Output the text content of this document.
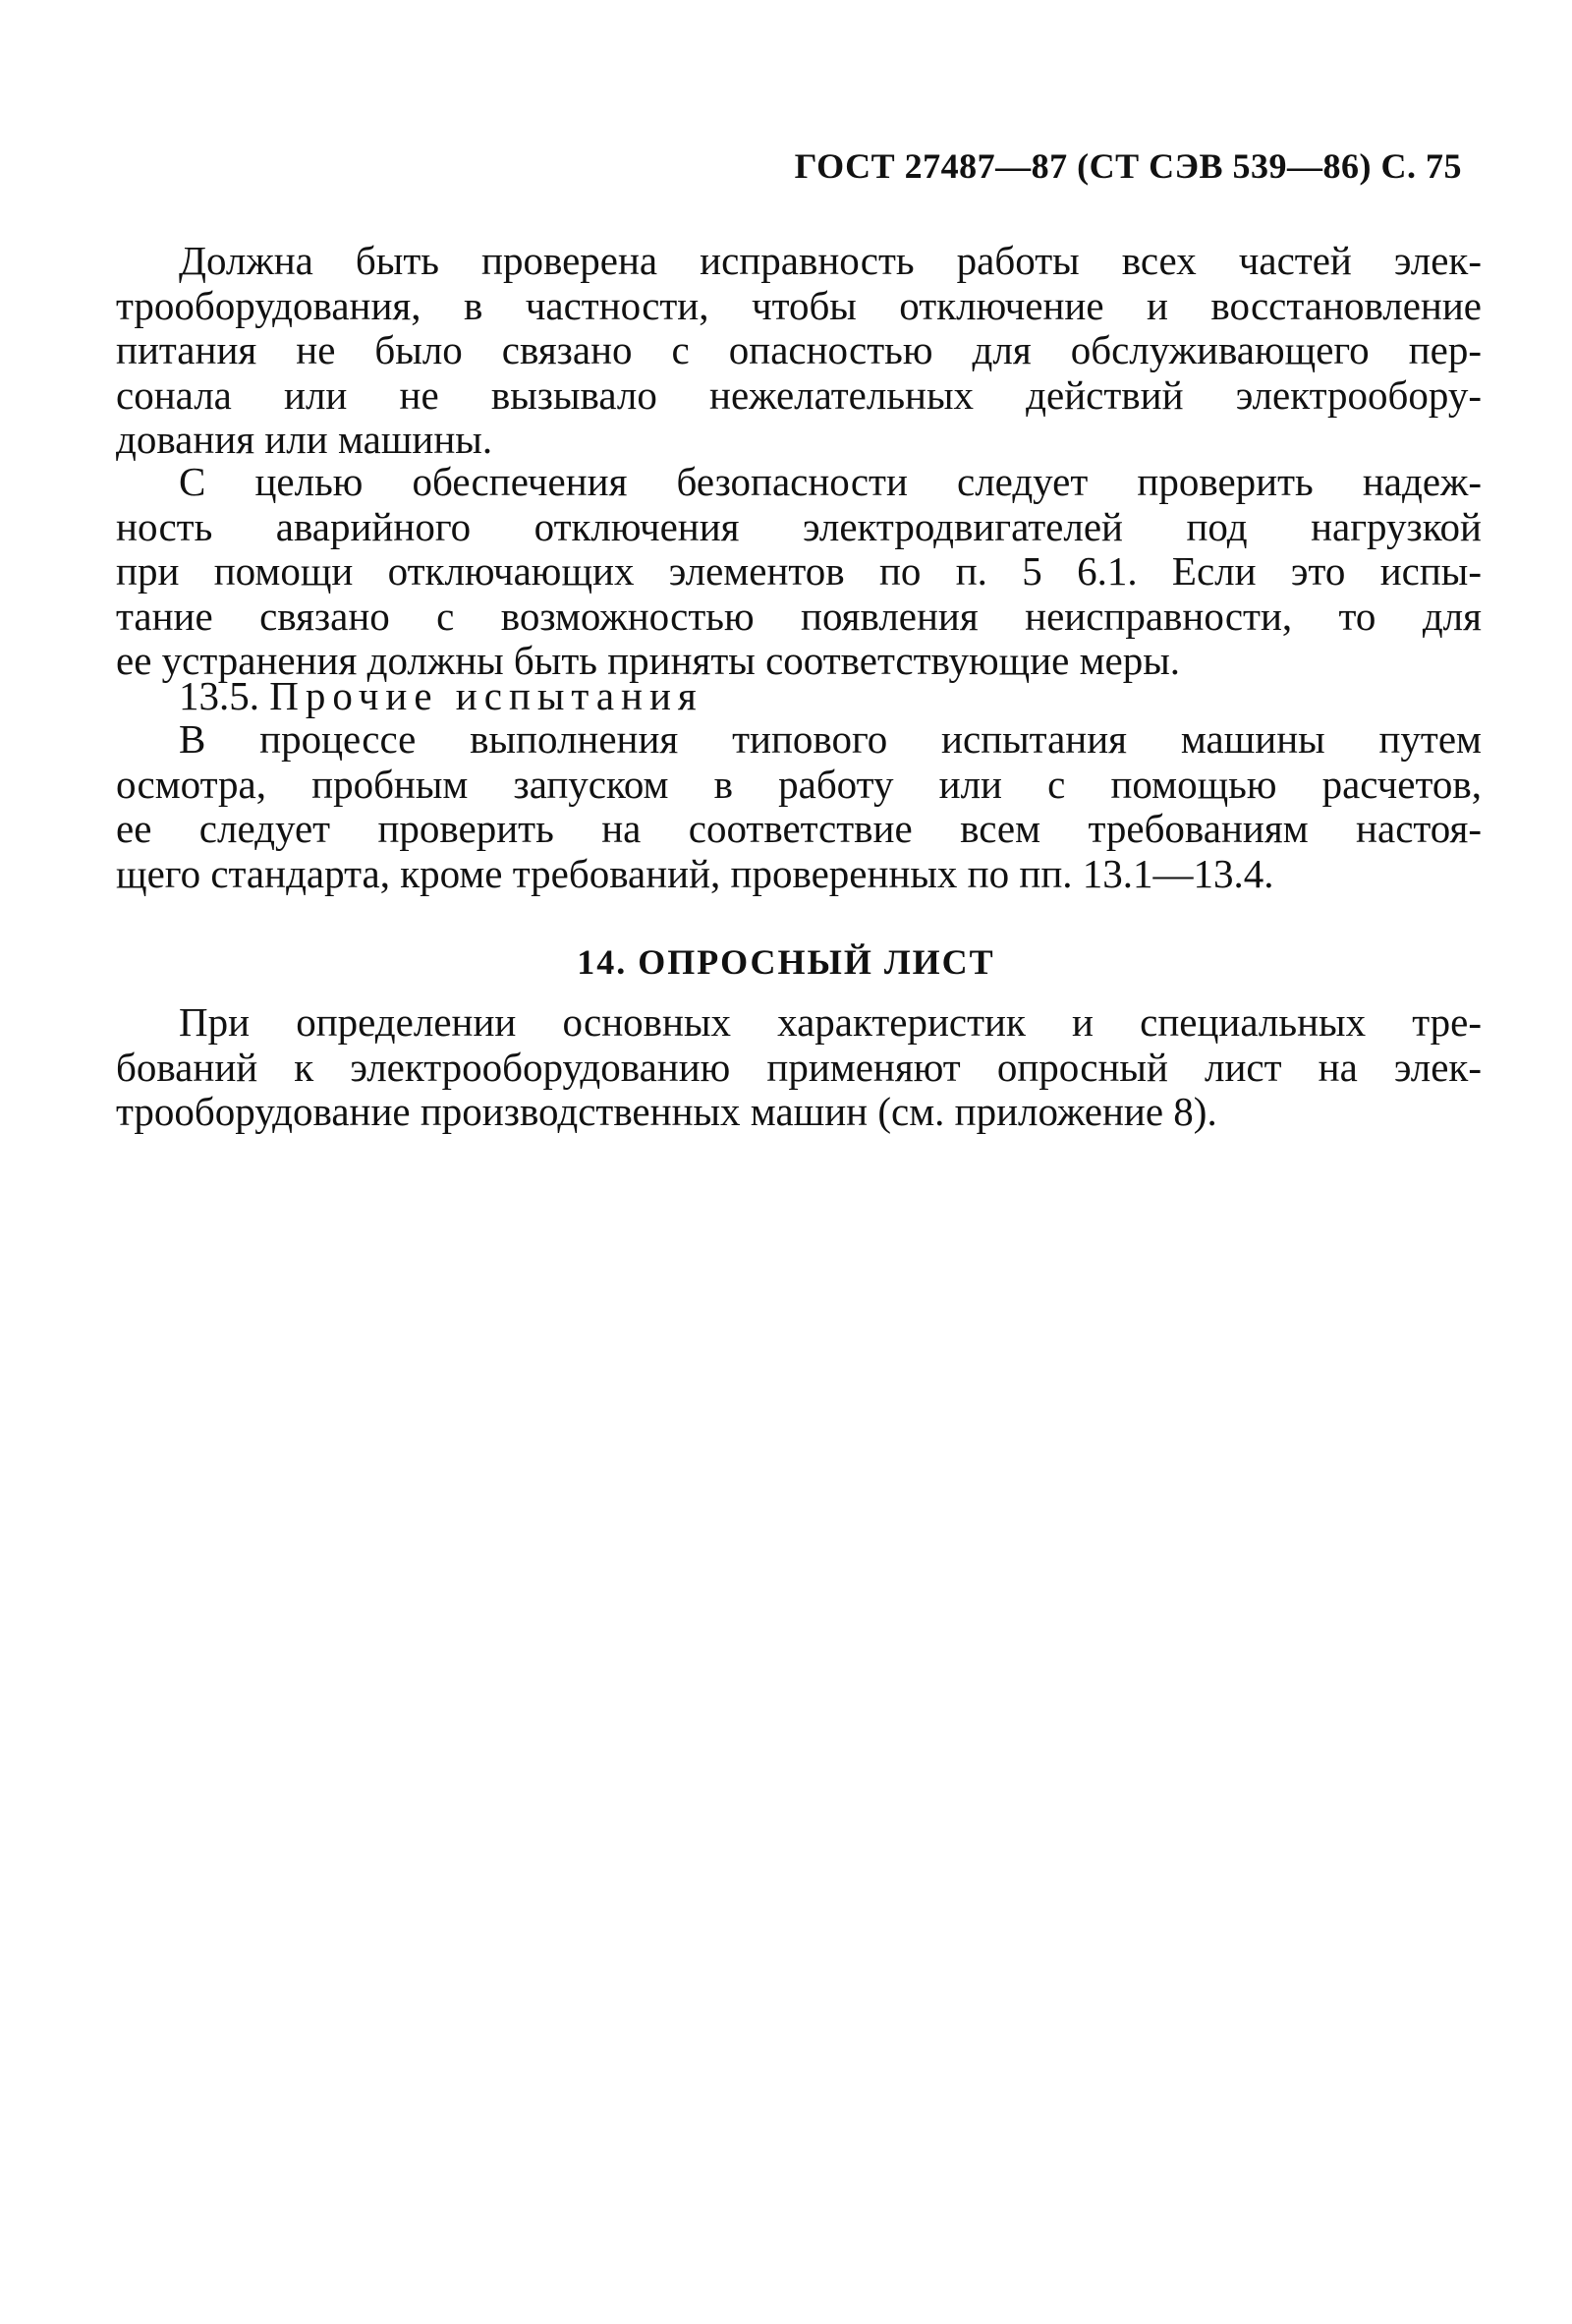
ГОСТ 27487—87 (СТ СЭВ 539—86) С. 75
Должна быть проверена исправность работы всех частей элек-
трооборудования, в частности, чтобы отключение и восстановление
питания не было связано с опасностью для обслуживающего пер-
сонала или не вызывало нежелательных действий электрообору-
дования или машины.
С целью обеспечения безопасности следует проверить надеж-
ность аварийного отключения электродвигателей под нагрузкой
при помощи отключающих элементов по п. 5 6.1. Если это испы-
тание связано с возможностью появления неисправности, то для
ее устранения должны быть приняты соответствующие меры.
13.5. Прочие испытания
В процессе выполнения типового испытания машины путем
осмотра, пробным запуском в работу или с помощью расчетов,
ее следует проверить на соответствие всем требованиям настоя-
щего стандарта, кроме требований, проверенных по пп. 13.1—13.4.
14. ОПРОСНЫЙ ЛИСТ
При определении основных характеристик и специальных тре-
бований к электрооборудованию применяют опросный лист на элек-
трооборудование производственных машин (см. приложение 8).
